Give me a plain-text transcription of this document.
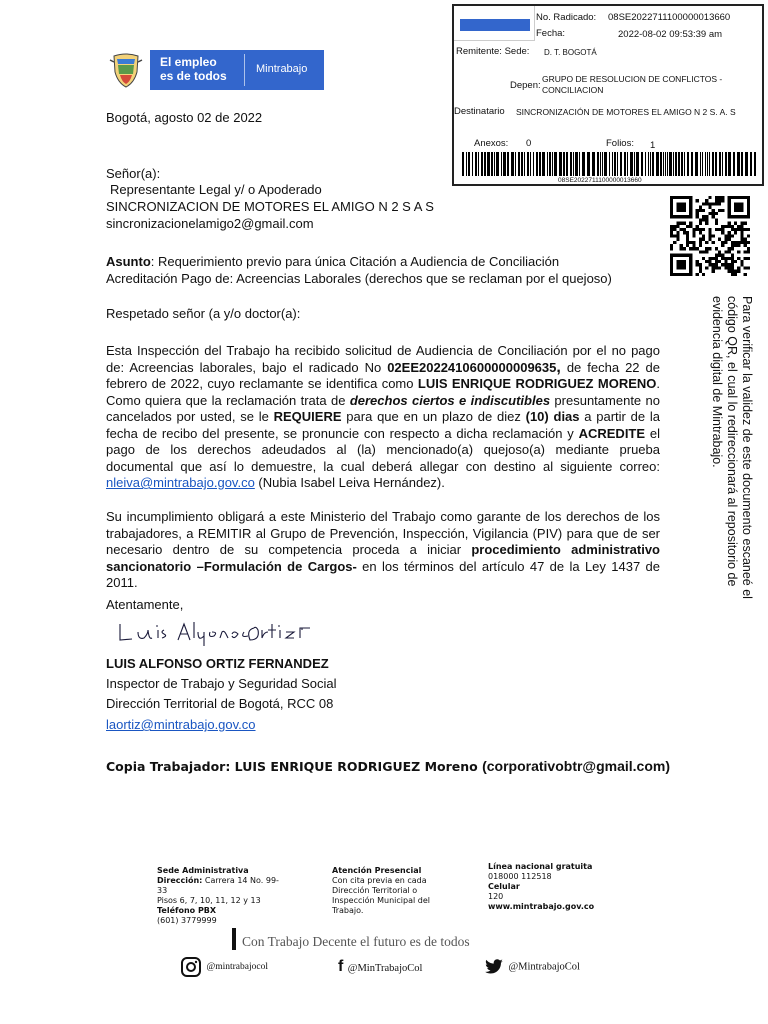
El empleo
es de todos	Mintrabajo
No. Radicado: 08SE2022711100000013660
Fecha:	2022-08-02 09:53:39 am
Remitente: Sede: D. T. BOGOTÁ
Depen:
GRUPO DE RESOLUCION DE CONFLICTOS -
CONCILIACION
Destinatario SINCRONIZACIÓN DE MOTORES EL AMIGO N 2 S. A. S
Anexos: 0	Folios: 1
08SE2022711100000013660
Para verificar la validez de este documento escaneé el código QR, el cual lo redireccionará al repositorio de evidencia digital de Mintrabajo.
Bogotá, agosto 02 de 2022
Señor(a):
Representante Legal y/ o Apoderado
SINCRONIZACION DE MOTORES EL AMIGO N 2 S A S
sincronizacionelamigo2@gmail.com
Asunto: Requerimiento previo para única Citación a Audiencia de Conciliación
Acreditación Pago de: Acreencias Laborales (derechos que se reclaman por el quejoso)
Respetado señor (a y/o doctor(a):
Esta Inspección del Trabajo ha recibido solicitud de Audiencia de Conciliación por el no pago de: Acreencias laborales, bajo el radicado No 02EE2022410600000009635, de fecha 22 de febrero de 2022, cuyo reclamante se identifica como LUIS ENRIQUE RODRIGUEZ MORENO. Como quiera que la reclamación trata de derechos ciertos e indiscutibles presuntamente no cancelados por usted, se le REQUIERE para que en un plazo de diez (10) dias a partir de la fecha de recibo del presente, se pronuncie con respecto a dicha reclamación y ACREDITE el pago de los derechos adeudados al (la) mencionado(a) quejoso(a) mediante prueba documental que así lo demuestre, la cual deberá allegar con destino al siguiente correo: nleiva@mintrabajo.gov.co (Nubia Isabel Leiva Hernández).
Su incumplimiento obligará a este Ministerio del Trabajo como garante de los derechos de los trabajadores, a REMITIR al Grupo de Prevención, Inspección, Vigilancia (PIV) para que de ser necesario dentro de su competencia proceda a iniciar procedimiento administrativo sancionatorio –Formulación de Cargos- en los términos del artículo 47 de la Ley 1437 de 2011.
Atentamente,
LUIS ALFONSO ORTIZ FERNANDEZ
Inspector de Trabajo y Seguridad Social
Dirección Territorial de Bogotá, RCC 08
laortiz@mintrabajo.gov.co
Copia Trabajador: LUIS ENRIQUE RODRIGUEZ Moreno (corporativobtr@gmail.com)
Sede Administrativa
Dirección: Carrera 14 No. 99-33
Pisos 6, 7, 10, 11, 12 y 13
Teléfono PBX
(601) 3779999
Atención Presencial
Con cita previa en cada Dirección Territorial o Inspección Municipal del Trabajo.
Línea nacional gratuita
018000 112518
Celular
120
www.mintrabajo.gov.co
Con Trabajo Decente el futuro es de todos
@mintrabajocol	f @MinTrabajoCol	@MintrabajoCol
